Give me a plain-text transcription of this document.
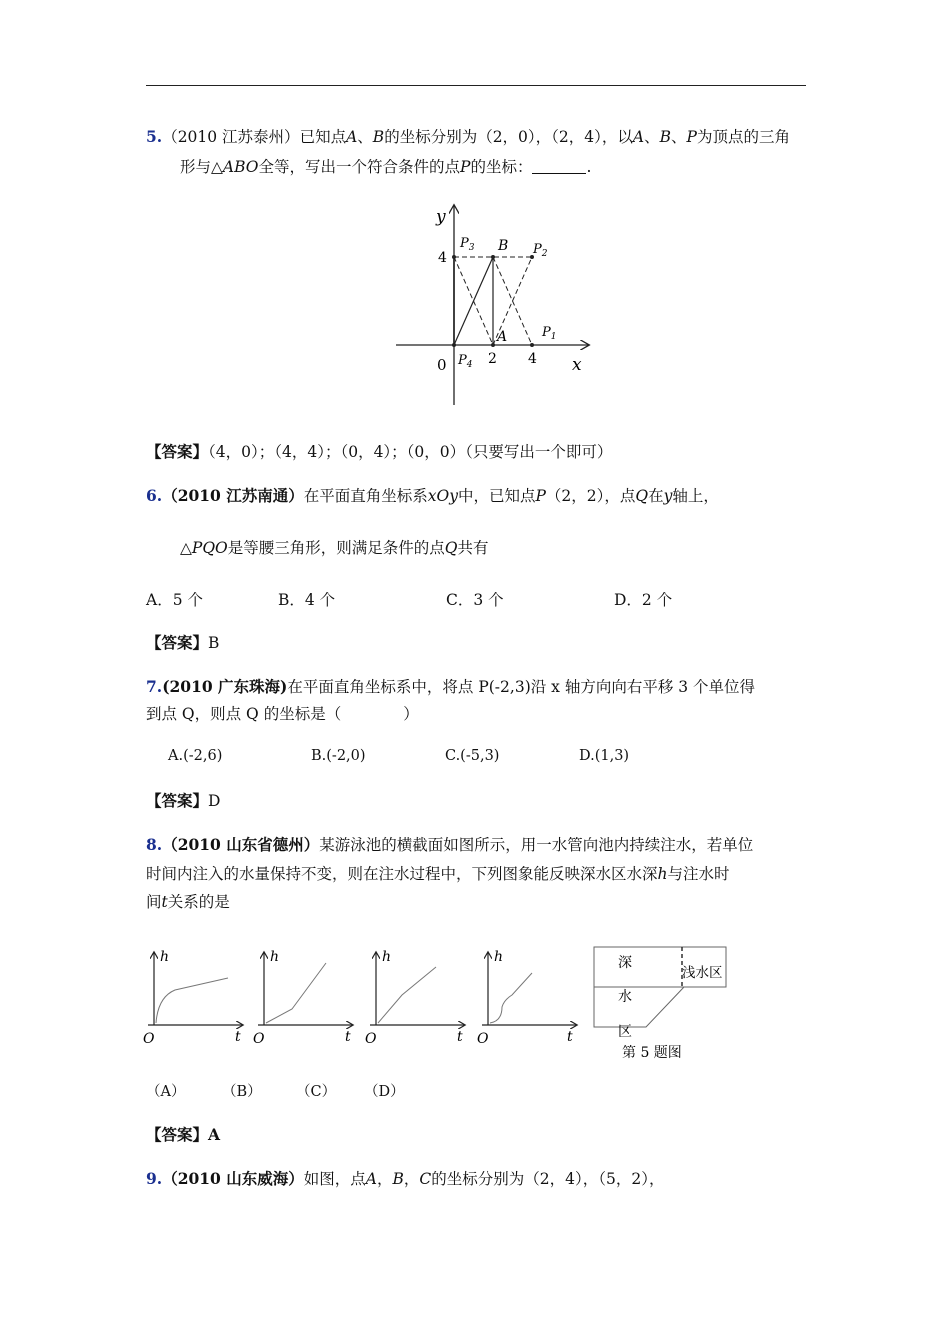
5.（2010 江苏泰州）已知点A、B的坐标分别为（2，0），（2，4），以A、B、P为顶点的三角
形与△ABO全等，写出一个符合条件的点P的坐标：	.
y
x
0
4
2 4
$P_3$ B $P_2$
A	$P_1$
$P_4$
【答案】（4，0）；（4，4）；（0，4）；（0，0）（只要写出一个即可）
6.（2010 江苏南通）在平面直角坐标系xOy中，已知点P（2，2），点Q在y轴上，
△PQO是等腰三角形，则满足条件的点Q共有
A．5 个	B．4 个	C．3 个	D．2 个
【答案】B
7.(2010 广东珠海)在平面直角坐标系中，将点 P(-2,3)沿 x 轴方向向右平移 3 个单位得
到点 Q，则点 Q 的坐标是（　　　　）
A.(-2,6)	B.(-2,0)	C.(-5,3)	D.(1,3)
【答案】D
8.（2010 山东省德州）某游泳池的横截面如图所示，用一水管向池内持续注水，若单位
时间内注入的水量保持不变，则在注水过程中，下列图象能反映深水区水深h与注水时
间t关系的是
h
t
O
h
t
O
h
t
O
h
t
O
深
水
区
浅水区
第 5 题图
（A）	（B） （C） （D）
【答案】A
9.（2010 山东威海）如图，点A，B，C的坐标分别为（2，4），（5，2），
